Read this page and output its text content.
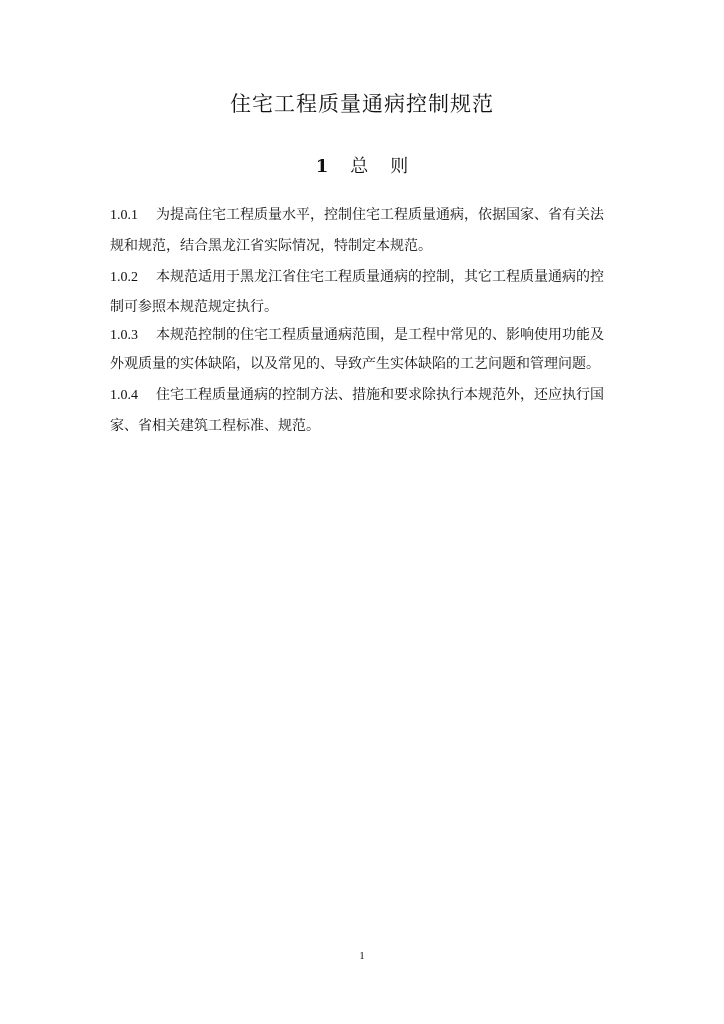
住宅工程质量通病控制规范
1 总 则
1.0.1 为提高住宅工程质量水平，控制住宅工程质量通病，依据国家、省有关法
规和规范，结合黑龙江省实际情况，特制定本规范。
1.0.2 本规范适用于黑龙江省住宅工程质量通病的控制，其它工程质量通病的控
制可参照本规范规定执行。
1.0.3 本规范控制的住宅工程质量通病范围，是工程中常见的、影响使用功能及
外观质量的实体缺陷，以及常见的、导致产生实体缺陷的工艺问题和管理问题。
1.0.4 住宅工程质量通病的控制方法、措施和要求除执行本规范外，还应执行国
家、省相关建筑工程标准、规范。
1
